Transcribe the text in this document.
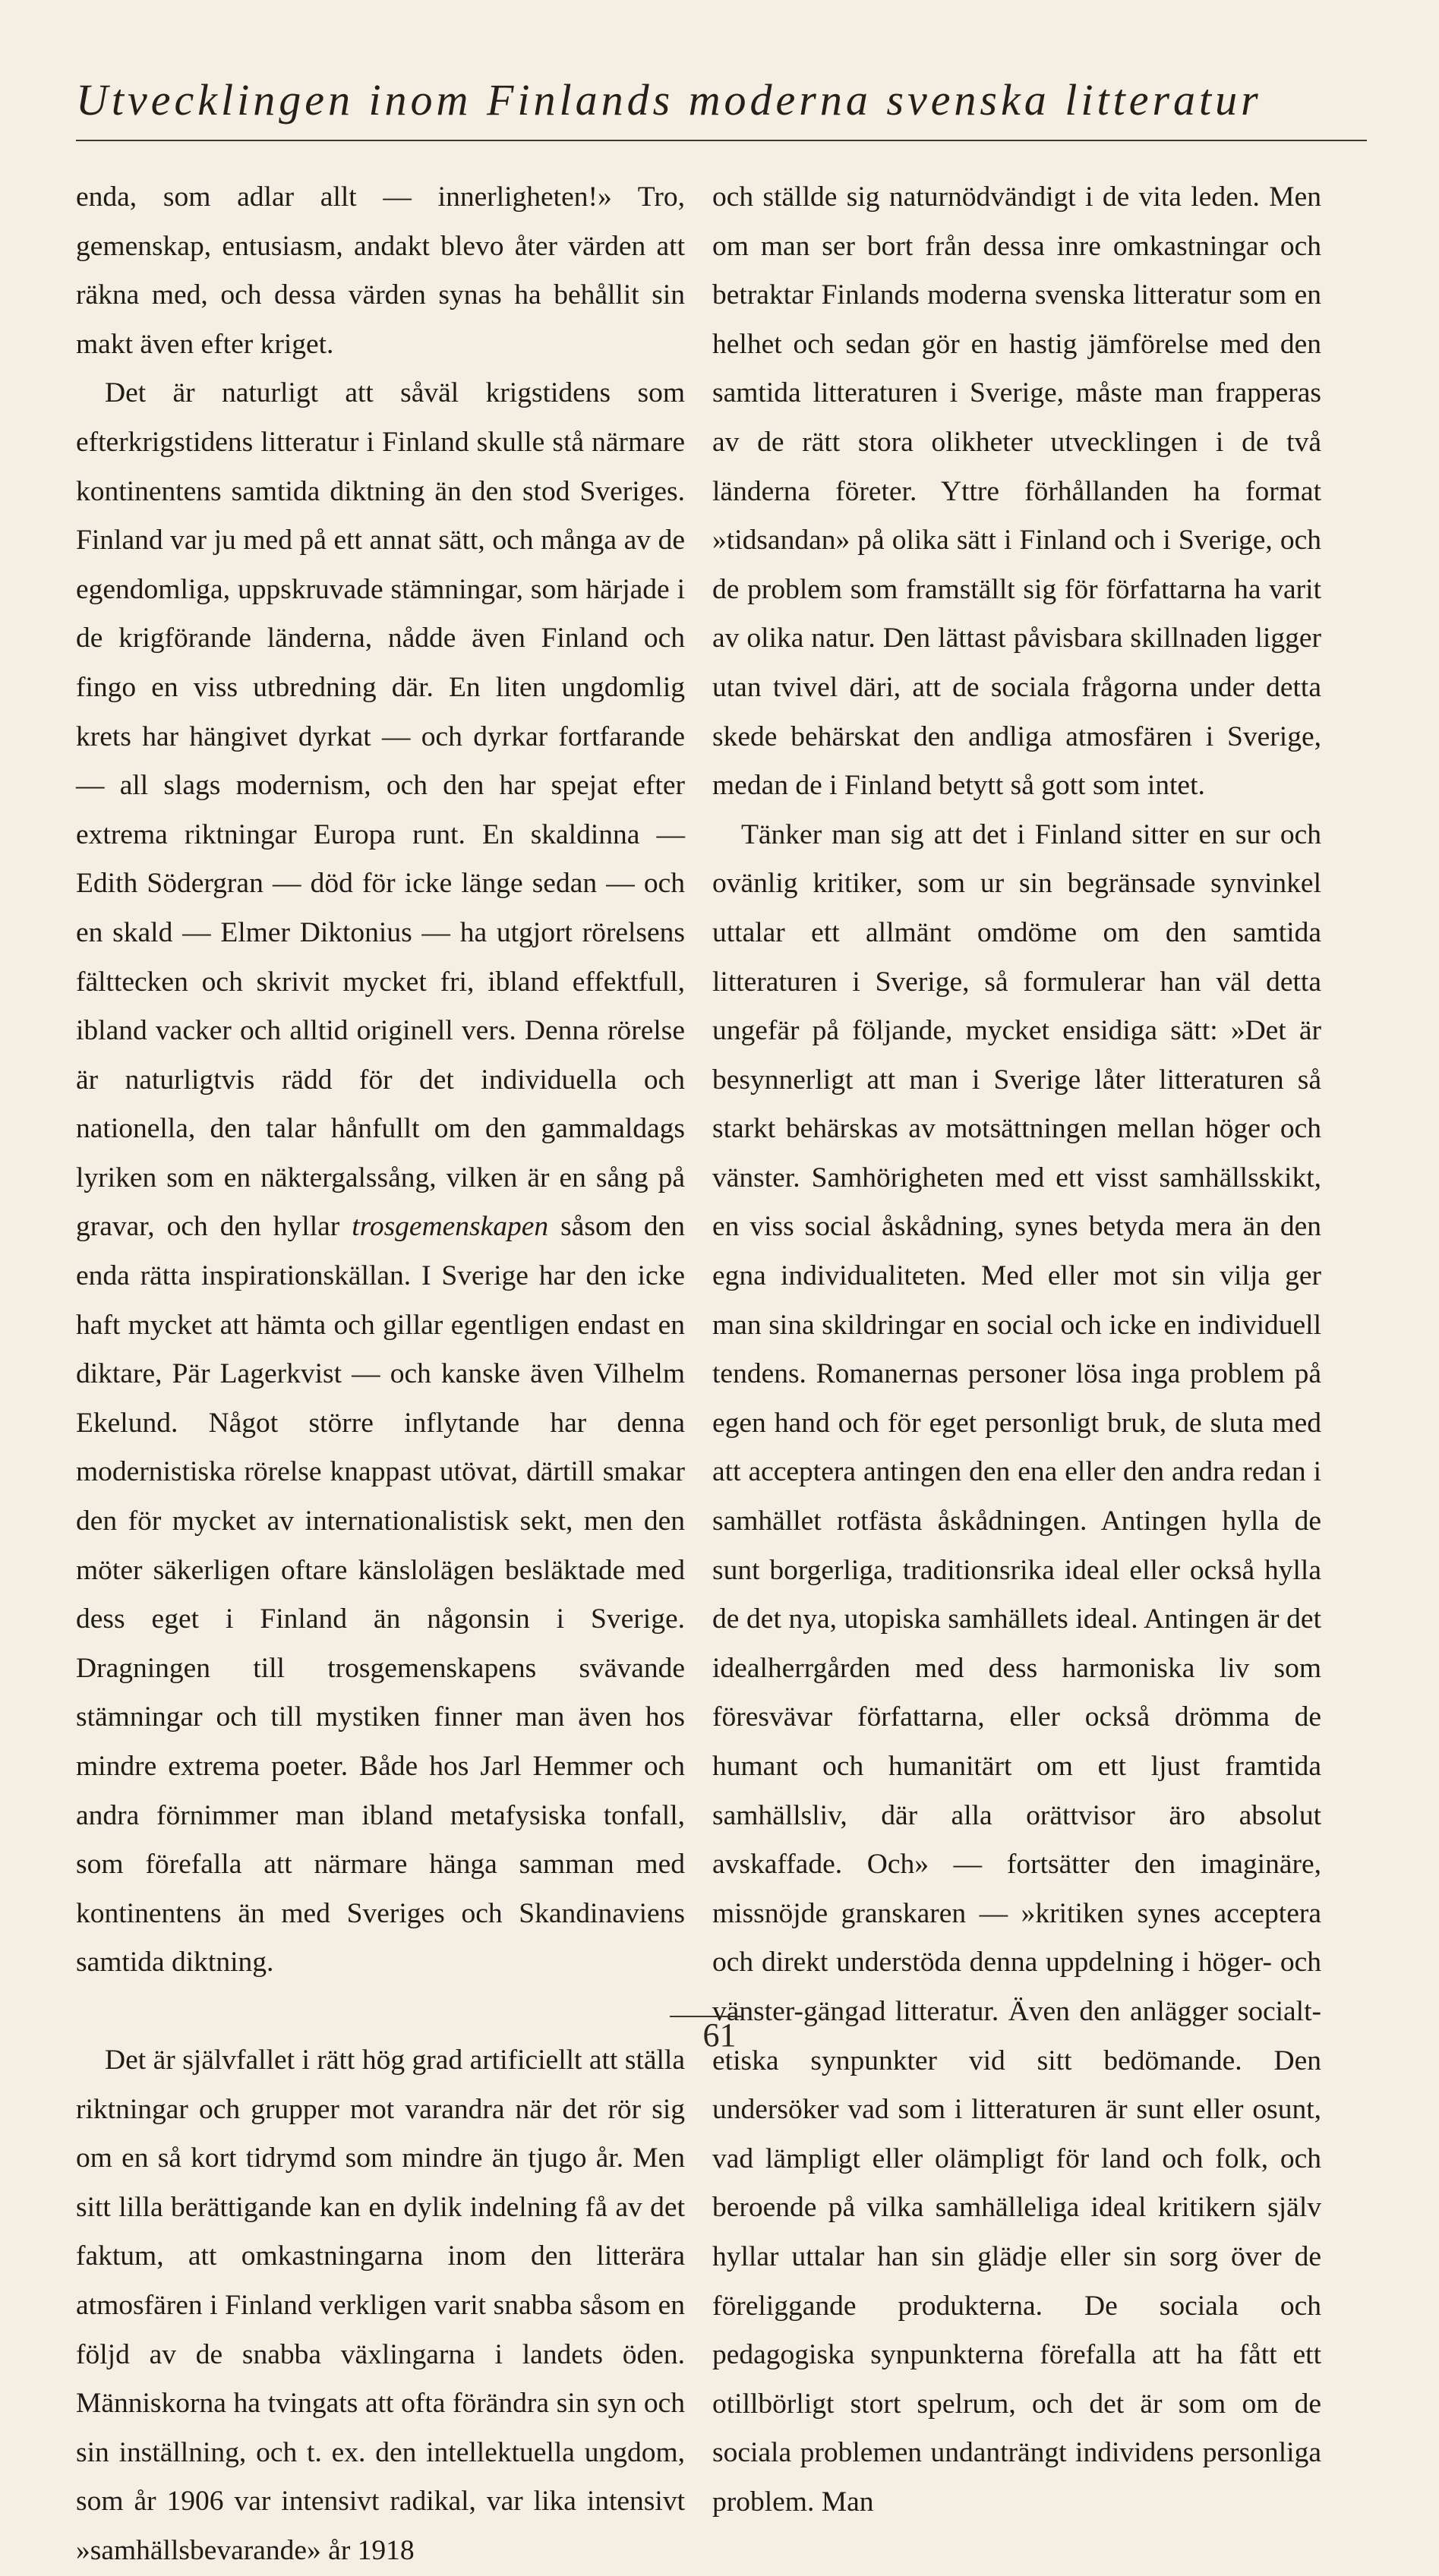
Utvecklingen inom Finlands moderna svenska litteratur

enda, som adlar allt — innerligheten!» Tro, gemenskap, entusiasm, andakt blevo åter värden att räkna med, och dessa värden synas ha behållit sin makt även efter kriget.

Det är naturligt att såväl krigstidens som efterkrigstidens litteratur i Finland skulle stå närmare kontinentens samtida diktning än den stod Sveriges. Finland var ju med på ett annat sätt, och många av de egendomliga, uppskruvade stämningar, som härjade i de krigförande länderna, nådde även Finland och fingo en viss utbredning där. En liten ungdomlig krets har hängivet dyrkat — och dyrkar fortfarande — all slags modernism, och den har spejat efter extrema riktningar Europa runt. En skaldinna — Edith Södergran — död för icke länge sedan — och en skald — Elmer Diktonius — ha utgjort rörelsens fälttecken och skrivit mycket fri, ibland effektfull, ibland vacker och alltid originell vers. Denna rörelse är naturligtvis rädd för det individuella och nationella, den talar hånfullt om den gammaldags lyriken som en näktergalssång, vilken är en sång på gravar, och den hyllar trosgemenskapen såsom den enda rätta inspirationskällan. I Sverige har den icke haft mycket att hämta och gillar egentligen endast en diktare, Pär Lagerkvist — och kanske även Vilhelm Ekelund. Något större inflytande har denna modernistiska rörelse knappast utövat, därtill smakar den för mycket av internationalistisk sekt, men den möter säkerligen oftare känslolägen besläktade med dess eget i Finland än någonsin i Sverige. Dragningen till trosgemenskapens svävande stämningar och till mystiken finner man även hos mindre extrema poeter. Både hos Jarl Hemmer och andra förnimmer man ibland metafysiska tonfall, som förefalla att närmare hänga samman med kontinentens än med Sveriges och Skandinaviens samtida diktning.

Det är självfallet i rätt hög grad artificiellt att ställa riktningar och grupper mot varandra när det rör sig om en så kort tidrymd som mindre än tjugo år. Men sitt lilla berättigande kan en dylik indelning få av det faktum, att omkastningarna inom den litterära atmosfären i Finland verkligen varit snabba såsom en följd av de snabba växlingarna i landets öden. Människorna ha tvingats att ofta förändra sin syn och sin inställning, och t. ex. den intellektuella ungdom, som år 1906 var intensivt radikal, var lika intensivt »samhällsbevarande» år 1918

och ställde sig naturnödvändigt i de vita leden. Men om man ser bort från dessa inre omkastningar och betraktar Finlands moderna svenska litteratur som en helhet och sedan gör en hastig jämförelse med den samtida litteraturen i Sverige, måste man frapperas av de rätt stora olikheter utvecklingen i de två länderna företer. Yttre förhållanden ha format »tidsandan» på olika sätt i Finland och i Sverige, och de problem som framställt sig för författarna ha varit av olika natur. Den lättast påvisbara skillnaden ligger utan tvivel däri, att de sociala frågorna under detta skede behärskat den andliga atmosfären i Sverige, medan de i Finland betytt så gott som intet.

Tänker man sig att det i Finland sitter en sur och ovänlig kritiker, som ur sin begränsade synvinkel uttalar ett allmänt omdöme om den samtida litteraturen i Sverige, så formulerar han väl detta ungefär på följande, mycket ensidiga sätt: »Det är besynnerligt att man i Sverige låter litteraturen så starkt behärskas av motsättningen mellan höger och vänster. Samhörigheten med ett visst samhällsskikt, en viss social åskådning, synes betyda mera än den egna individualiteten. Med eller mot sin vilja ger man sina skildringar en social och icke en individuell tendens. Romanernas personer lösa inga problem på egen hand och för eget personligt bruk, de sluta med att acceptera antingen den ena eller den andra redan i samhället rotfästa åskådningen. Antingen hylla de sunt borgerliga, traditionsrika ideal eller också hylla de det nya, utopiska samhällets ideal. Antingen är det idealherrgården med dess harmoniska liv som föresvävar författarna, eller också drömma de humant och humanitärt om ett ljust framtida samhällsliv, där alla orättvisor äro absolut avskaffade. Och» — fortsätter den imaginäre, missnöjde granskaren — »kritiken synes acceptera och direkt understöda denna uppdelning i höger- och vänster-gängad litteratur. Även den anlägger socialt-etiska synpunkter vid sitt bedömande. Den undersöker vad som i litteraturen är sunt eller osunt, vad lämpligt eller olämpligt för land och folk, och beroende på vilka samhälleliga ideal kritikern själv hyllar uttalar han sin glädje eller sin sorg över de föreliggande produkterna. De sociala och pedagogiska synpunkterna förefalla att ha fått ett otillbörligt stort spelrum, och det är som om de sociala problemen undanträngt individens personliga problem. Man

61
